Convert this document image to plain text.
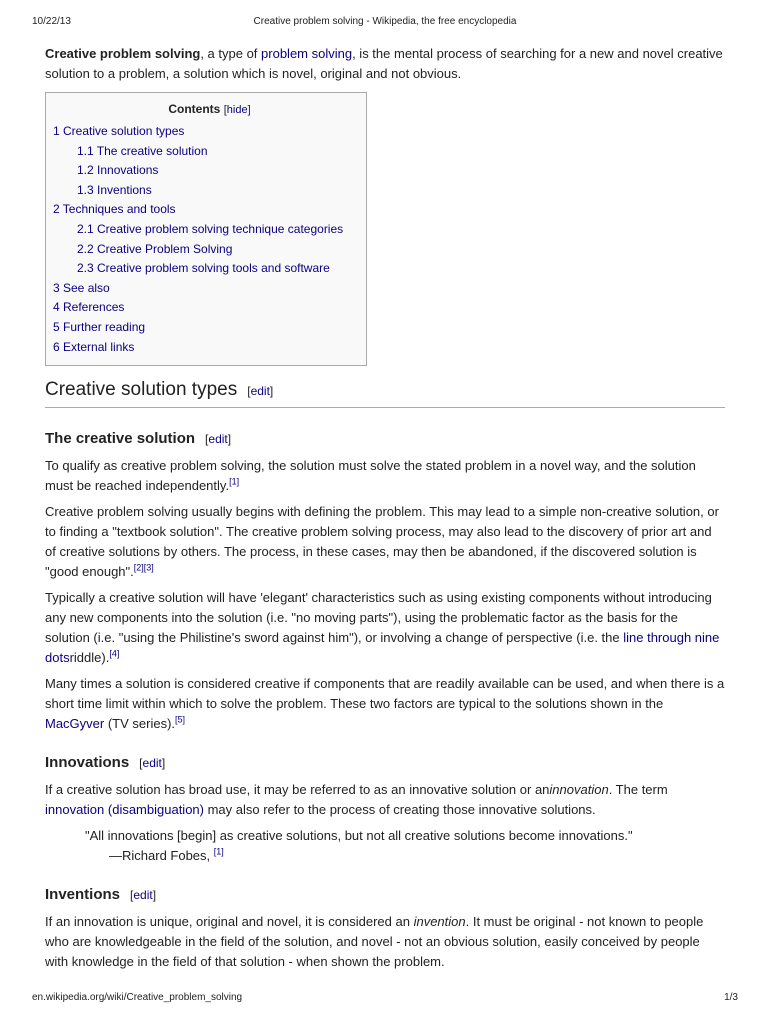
10/22/13	Creative problem solving - Wikipedia, the free encyclopedia

Creative problem solving, a type of problem solving, is the mental process of searching for a new and novel creative solution to a problem, a solution which is novel, original and not obvious.

Contents [hide]
1 Creative solution types
1.1 The creative solution
1.2 Innovations
1.3 Inventions
2 Techniques and tools
2.1 Creative problem solving technique categories
2.2 Creative Problem Solving
2.3 Creative problem solving tools and software
3 See also
4 References
5 Further reading
6 External links
Creative solution types [edit]
The creative solution [edit]

To qualify as creative problem solving, the solution must solve the stated problem in a novel way, and the solution must be reached independently.[1]

Creative problem solving usually begins with defining the problem. This may lead to a simple non-creative solution, or to finding a "textbook solution". The creative problem solving process, may also lead to the discovery of prior art and of creative solutions by others. The process, in these cases, may then be abandoned, if the discovered solution is "good enough".[2][3]

Typically a creative solution will have 'elegant' characteristics such as using existing components without introducing any new components into the solution (i.e. "no moving parts"), using the problematic factor as the basis for the solution (i.e. "using the Philistine's sword against him"), or involving a change of perspective (i.e. the line through nine dotsriddle).[4]

Many times a solution is considered creative if components that are readily available can be used, and when there is a short time limit within which to solve the problem. These two factors are typical to the solutions shown in the MacGyver (TV series).[5]

Innovations [edit]

If a creative solution has broad use, it may be referred to as an innovative solution or aninnovation. The term innovation (disambiguation) may also refer to the process of creating those innovative solutions.

"All innovations [begin] as creative solutions, but not all creative solutions become innovations."
—Richard Fobes, [1]
Inventions [edit]

If an innovation is unique, original and novel, it is considered an invention. It must be original - not known to people who are knowledgeable in the field of the solution, and novel - not an obvious solution, easily conceived by people with knowledge in the field of that solution - when shown the problem.

en.wikipedia.org/wiki/Creative_problem_solving	1/3
